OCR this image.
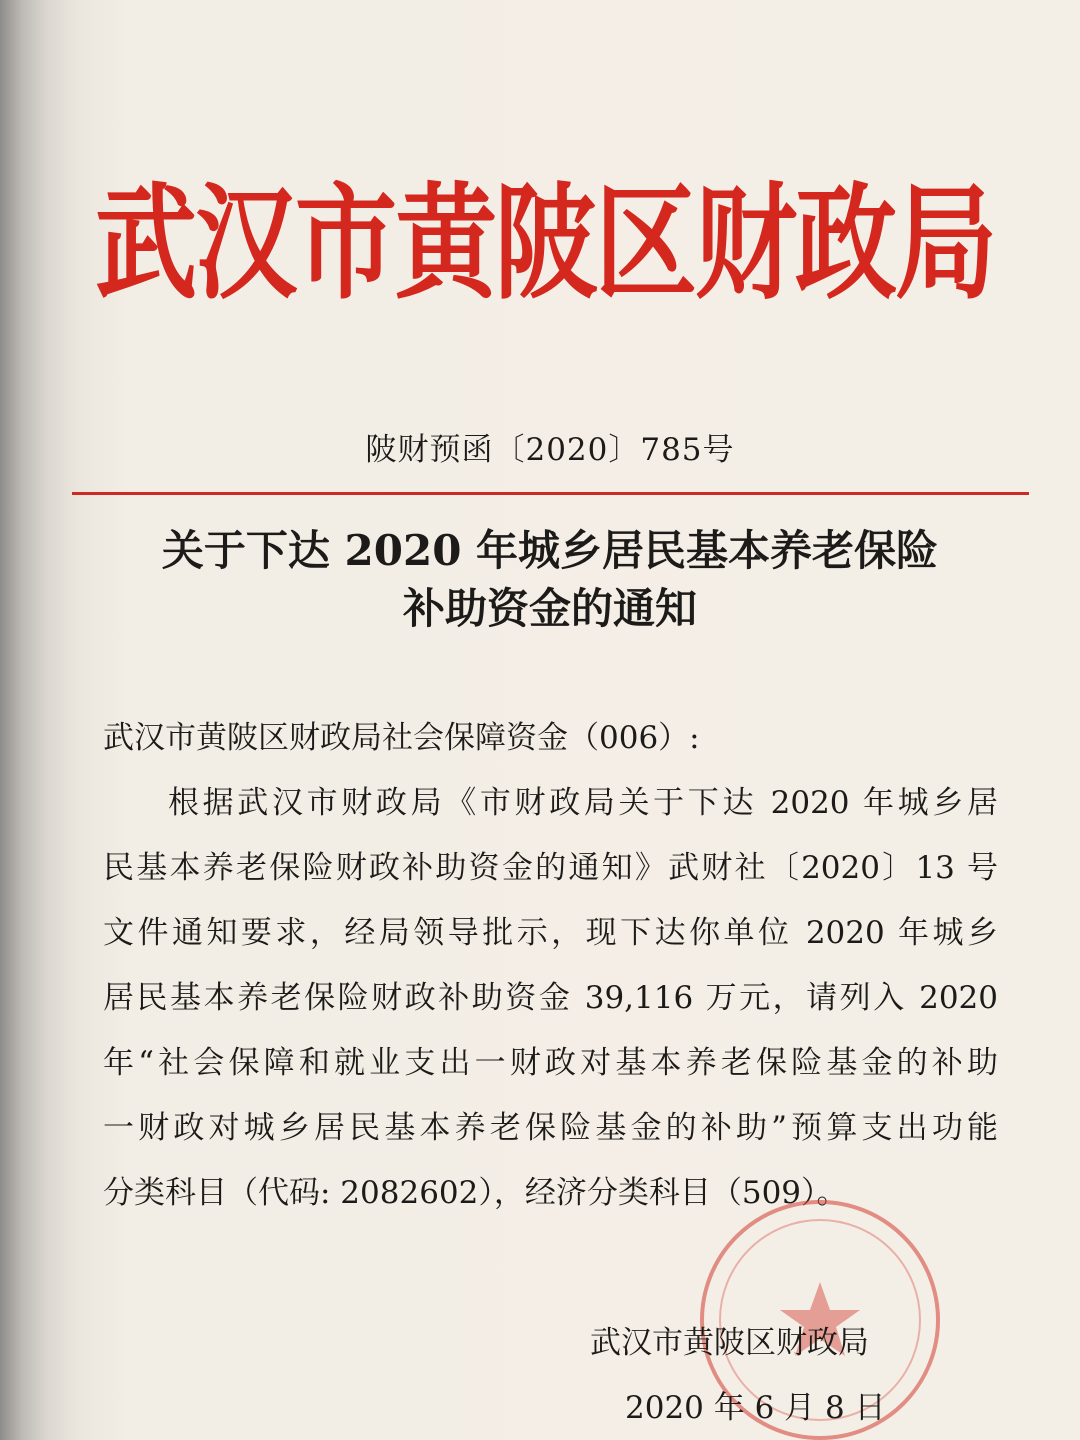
武汉市黄陂区财政局
陂财预函〔2020〕785号
关于下达 2020 年城乡居民基本养老保险
补助资金的通知
武汉市黄陂区财政局社会保障资金（006）:
根据武汉市财政局《市财政局关于下达 2020 年城乡居
民基本养老保险财政补助资金的通知》武财社〔2020〕13 号
文件通知要求，经局领导批示，现下达你单位 2020 年城乡
居民基本养老保险财政补助资金 39,116 万元，请列入 2020
年“社会保障和就业支出一财政对基本养老保险基金的补助
一财政对城乡居民基本养老保险基金的补助”预算支出功能
分类科目（代码: 2082602），经济分类科目（509）。
武汉市黄陂区财政局
2020 年 6 月 8 日
